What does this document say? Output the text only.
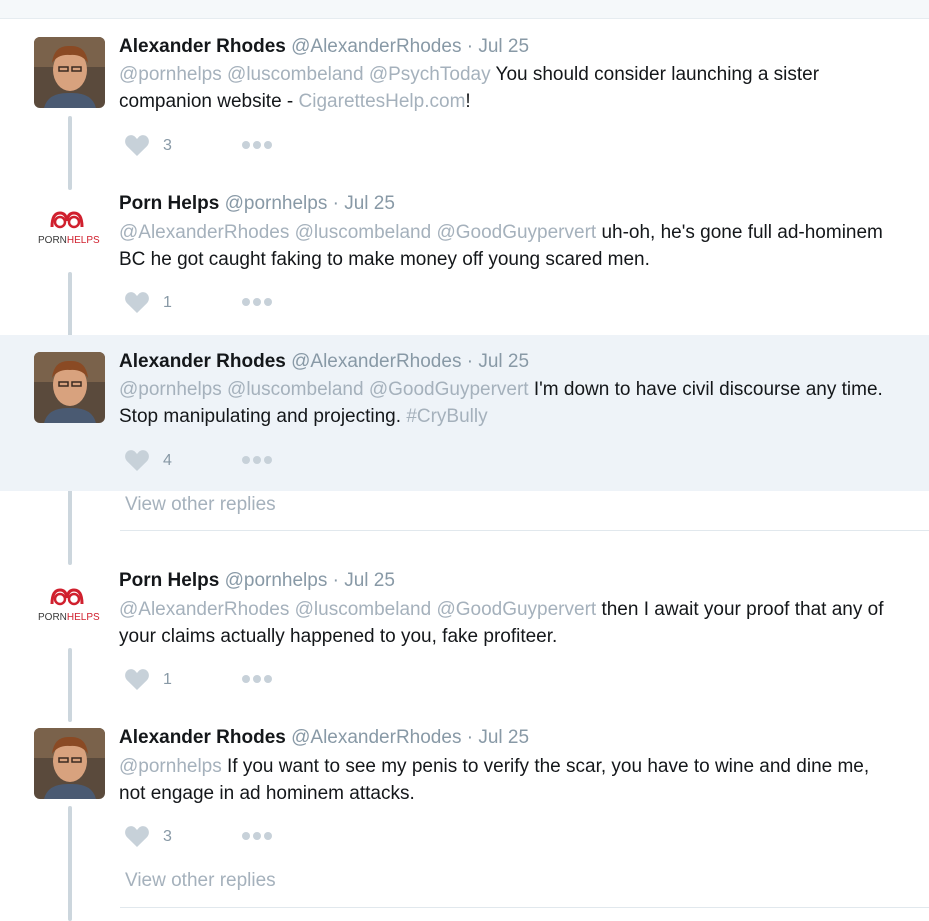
Alexander Rhodes @AlexanderRhodes · Jul 25
@pornhelps @luscombeland @PsychToday You should consider launching a sister companion website - CigarettesHelp.com!
3
PORNHELPS
Porn Helps @pornhelps · Jul 25
@AlexanderRhodes @luscombeland @GoodGuypervert uh-oh, he's gone full ad-hominem BC he got caught faking to make money off young scared men.
1
Alexander Rhodes @AlexanderRhodes · Jul 25
@pornhelps @luscombeland @GoodGuypervert I'm down to have civil discourse any time. Stop manipulating and projecting. #CryBully
4
View other replies
PORNHELPS
Porn Helps @pornhelps · Jul 25
@AlexanderRhodes @luscombeland @GoodGuypervert then I await your proof that any of your claims actually happened to you, fake profiteer.
1
Alexander Rhodes @AlexanderRhodes · Jul 25
@pornhelps If you want to see my penis to verify the scar, you have to wine and dine me, not engage in ad hominem attacks.
3
View other replies
